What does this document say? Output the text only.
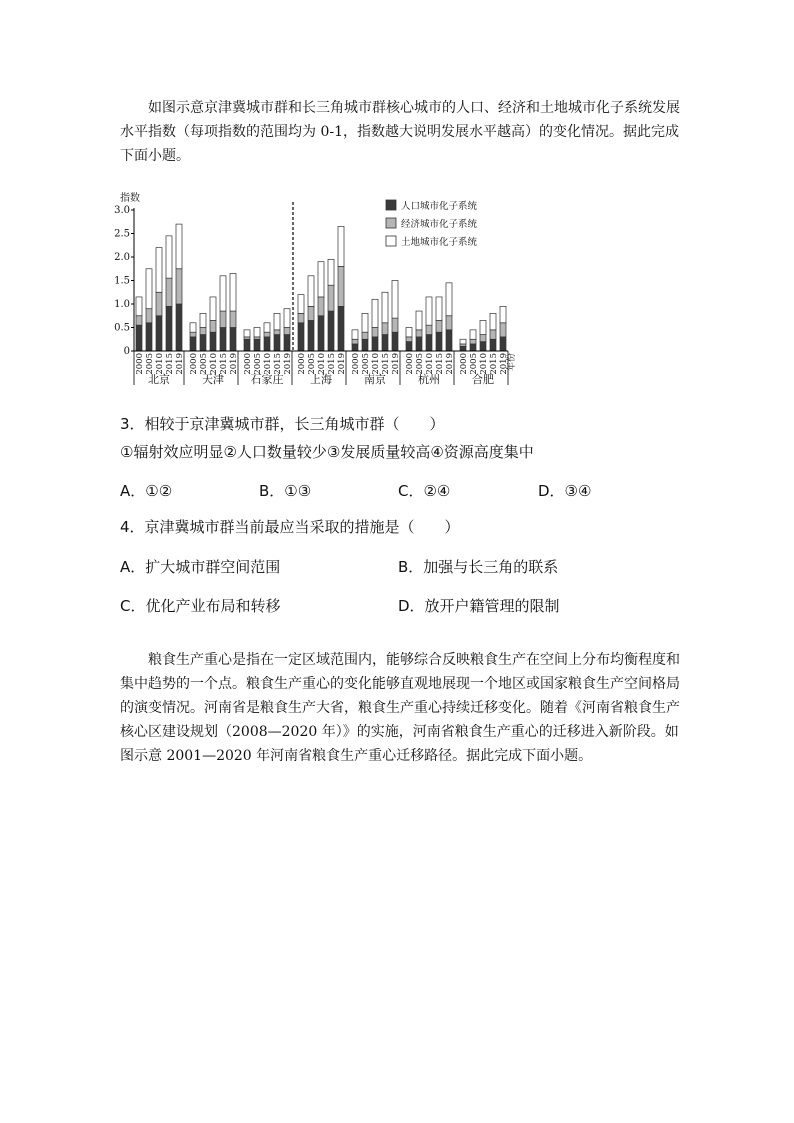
如图示意京津冀城市群和长三角城市群核心城市的人口、经济和土地城市化子系统发展水平指数（每项指数的范围均为 0-1，指数越大说明发展水平越高）的变化情况。据此完成下面小题。

指数
0
0.5
1.0
1.5
2.0
2.5
3.0
2000 2005 2010 2015 2019
北京
2000 2005 2010 2015 2019
天津
2000 2005 2010 2015 2019
石家庄
2000 2005 2010 2015 2019
上海
2000 2005 2010 2015 2019
南京
2000 2005 2010 2015 2019
杭州
2000 2005 2010 2015 2019
合肥
人口城市化子系统
经济城市化子系统
土地城市化子系统
年份

3．相较于京津冀城市群，长三角城市群（　　）

①辐射效应明显②人口数量较少③发展质量较高④资源高度集中

A．①②	B．①③	C．②④	D．③④

4．京津冀城市群当前最应当采取的措施是（　　）

A．扩大城市群空间范围	B．加强与长三角的联系
C．优化产业布局和转移	D．放开户籍管理的限制

粮食生产重心是指在一定区域范围内，能够综合反映粮食生产在空间上分布均衡程度和集中趋势的一个点。粮食生产重心的变化能够直观地展现一个地区或国家粮食生产空间格局的演变情况。河南省是粮食生产大省，粮食生产重心持续迁移变化。随着《河南省粮食生产核心区建设规划（2008—2020 年）》的实施，河南省粮食生产重心的迁移进入新阶段。如图示意 2001—2020 年河南省粮食生产重心迁移路径。据此完成下面小题。
